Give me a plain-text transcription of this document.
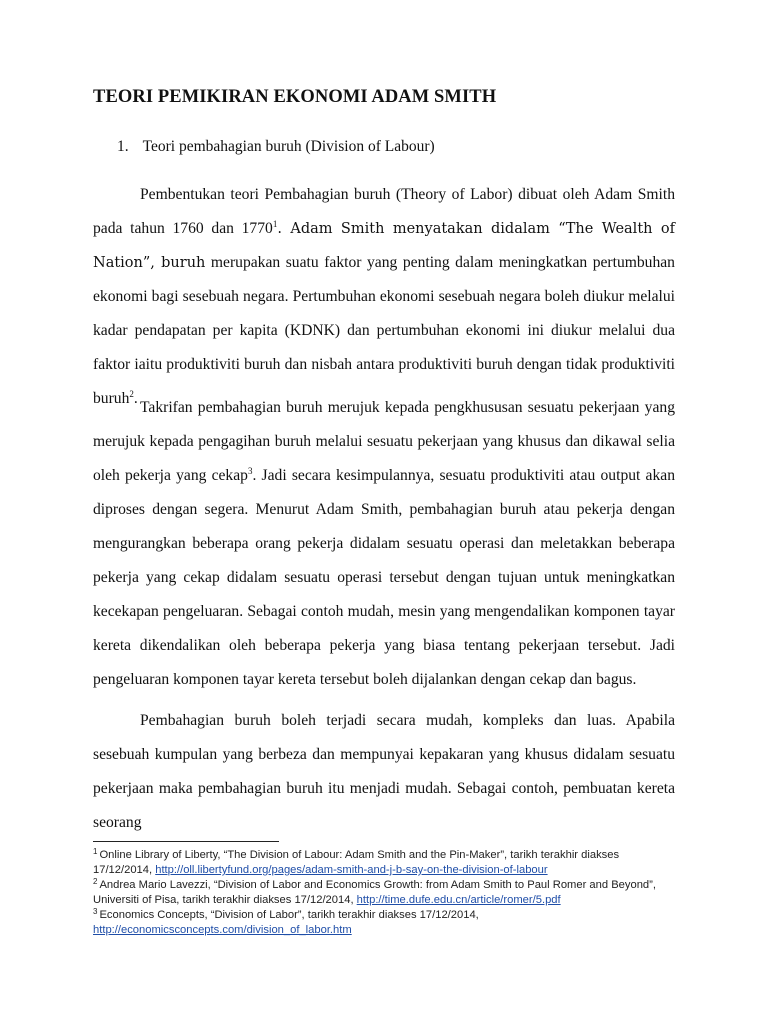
TEORI PEMIKIRAN EKONOMI ADAM SMITH
1. Teori pembahagian buruh (Division of Labour)

Pembentukan teori Pembahagian buruh (Theory of Labor) dibuat oleh Adam Smith pada tahun 1760 dan 1770$^1$. Adam Smith menyatakan didalam “The Wealth of Nation”, buruh merupakan suatu faktor yang penting dalam meningkatkan pertumbuhan ekonomi bagi sesebuah negara. Pertumbuhan ekonomi sesebuah negara boleh diukur melalui kadar pendapatan per kapita (KDNK) dan pertumbuhan ekonomi ini diukur melalui dua faktor iaitu produktiviti buruh dan nisbah antara produktiviti buruh dengan tidak produktiviti buruh$^2$.

Takrifan pembahagian buruh merujuk kepada pengkhususan sesuatu pekerjaan yang merujuk kepada pengagihan buruh melalui sesuatu pekerjaan yang khusus dan dikawal selia oleh pekerja yang cekap$^3$. Jadi secara kesimpulannya, sesuatu produktiviti atau output akan diproses dengan segera. Menurut Adam Smith, pembahagian buruh atau pekerja dengan mengurangkan beberapa orang pekerja didalam sesuatu operasi dan meletakkan beberapa pekerja yang cekap didalam sesuatu operasi tersebut dengan tujuan untuk meningkatkan kecekapan pengeluaran. Sebagai contoh mudah, mesin yang mengendalikan komponen tayar kereta dikendalikan oleh beberapa pekerja yang biasa tentang pekerjaan tersebut. Jadi pengeluaran komponen tayar kereta tersebut boleh dijalankan dengan cekap dan bagus.

Pembahagian buruh boleh terjadi secara mudah, kompleks dan luas. Apabila sesebuah kumpulan yang berbeza dan mempunyai kepakaran yang khusus didalam sesuatu pekerjaan maka pembahagian buruh itu menjadi mudah. Sebagai contoh, pembuatan kereta seorang

$^1$ Online Library of Liberty, “The Division of Labour: Adam Smith and the Pin-Maker”, tarikh terakhir diakses 17/12/2014, http://oll.libertyfund.org/pages/adam-smith-and-j-b-say-on-the-division-of-labour

$^2$ Andrea Mario Lavezzi, “Division of Labor and Economics Growth: from Adam Smith to Paul Romer and Beyond”, Universiti of Pisa, tarikh terakhir diakses 17/12/2014, http://time.dufe.edu.cn/article/romer/5.pdf

$^3$ Economics Concepts, “Division of Labor”, tarikh terakhir diakses 17/12/2014, http://economicsconcepts.com/division_of_labor.htm
